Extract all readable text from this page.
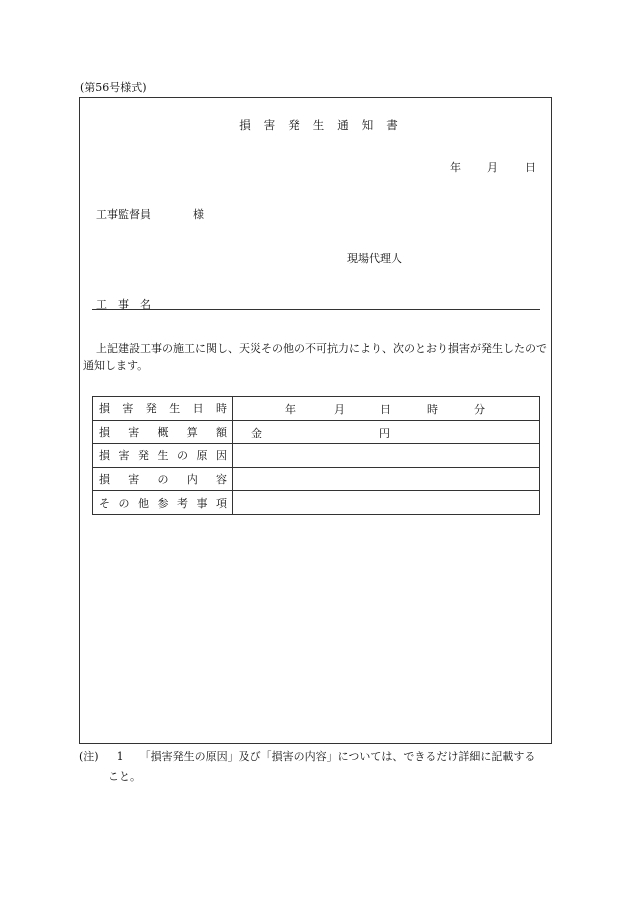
(第56号様式)
損害発生通知書
年 月 日
工事監督員	様
現場代理人
工事名
上記建設工事の施工に関し、天災その他の不可抗力により、次のとおり損害が発生したので通知します。
損害発生日時	年 月 日 時 分

損害概算額	金 円

損害発生の原因	

損害の内容	

その他参考事項	

(注) 1 「損害発生の原因」及び「損害の内容」については、できるだけ詳細に記載する
こと。
